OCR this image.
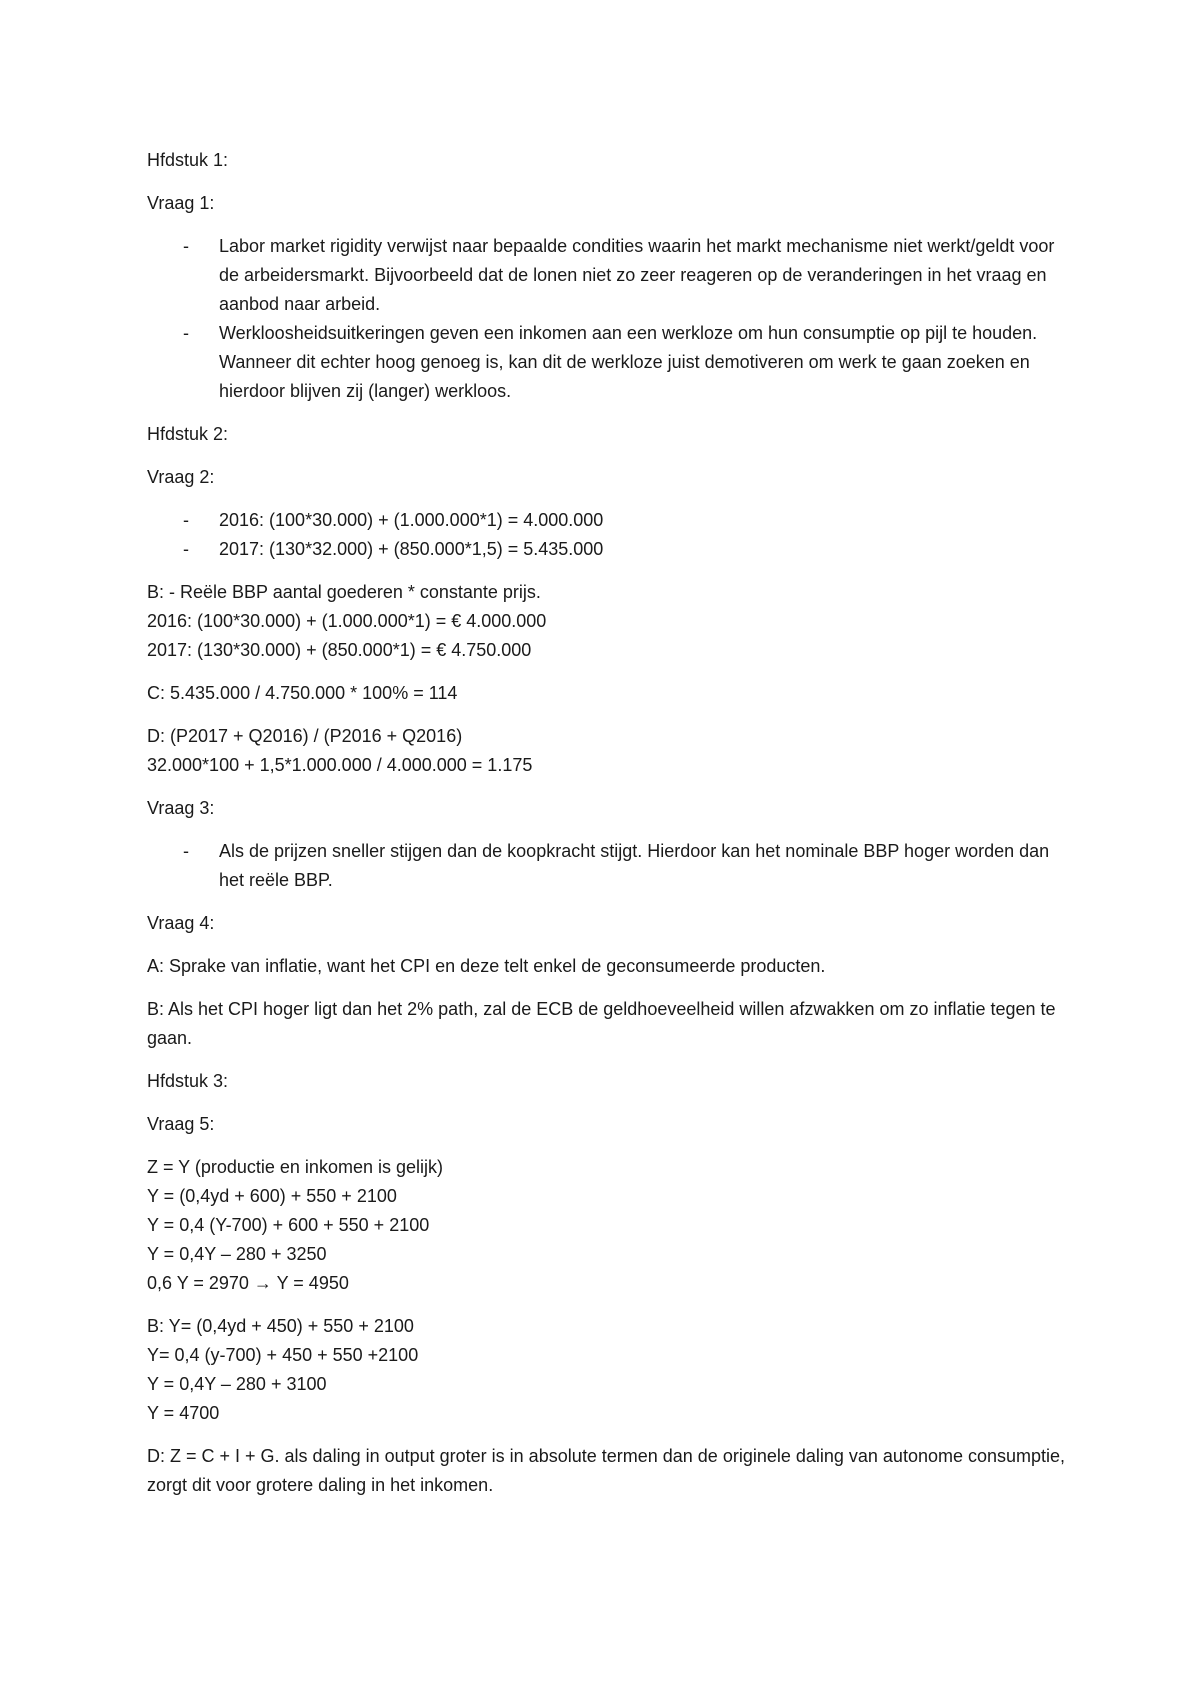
Hfdstuk 1:

Vraag 1:

- Labor market rigidity verwijst naar bepaalde condities waarin het markt mechanisme niet werkt/geldt voor de arbeidersmarkt. Bijvoorbeeld dat de lonen niet zo zeer reageren op de veranderingen in het vraag en aanbod naar arbeid.
- Werkloosheidsuitkeringen geven een inkomen aan een werkloze om hun consumptie op pijl te houden. Wanneer dit echter hoog genoeg is, kan dit de werkloze juist demotiveren om werk te gaan zoeken en hierdoor blijven zij (langer) werkloos.

Hfdstuk 2:

Vraag 2:

- 2016: (100*30.000) + (1.000.000*1) = 4.000.000
- 2017: (130*32.000) + (850.000*1,5) = 5.435.000
B: - Reële BBP aantal goederen * constante prijs.
2016: (100*30.000) + (1.000.000*1) = € 4.000.000
2017: (130*30.000) + (850.000*1) = € 4.750.000

C: 5.435.000 / 4.750.000 * 100% = 114

D: (P2017 + Q2016) / (P2016 + Q2016)
32.000*100 + 1,5*1.000.000 / 4.000.000 = 1.175

Vraag 3:

- Als de prijzen sneller stijgen dan de koopkracht stijgt. Hierdoor kan het nominale BBP hoger worden dan het reële BBP.

Vraag 4:

A: Sprake van inflatie, want het CPI en deze telt enkel de geconsumeerde producten.

B: Als het CPI hoger ligt dan het 2% path, zal de ECB de geldhoeveelheid willen afzwakken om zo inflatie tegen te gaan.

Hfdstuk 3:

Vraag 5:

Z = Y (productie en inkomen is gelijk)
Y = (0,4yd + 600) + 550 + 2100
Y = 0,4 (Y-700) + 600 + 550 + 2100
Y = 0,4Y – 280 + 3250
0,6 Y = 2970 → Y = 4950
B: Y= (0,4yd + 450) + 550 + 2100
Y= 0,4 (y-700) + 450 + 550 +2100
Y = 0,4Y – 280 + 3100
Y = 4700

D: Z = C + I + G. als daling in output groter is in absolute termen dan de originele daling van autonome consumptie, zorgt dit voor grotere daling in het inkomen.
